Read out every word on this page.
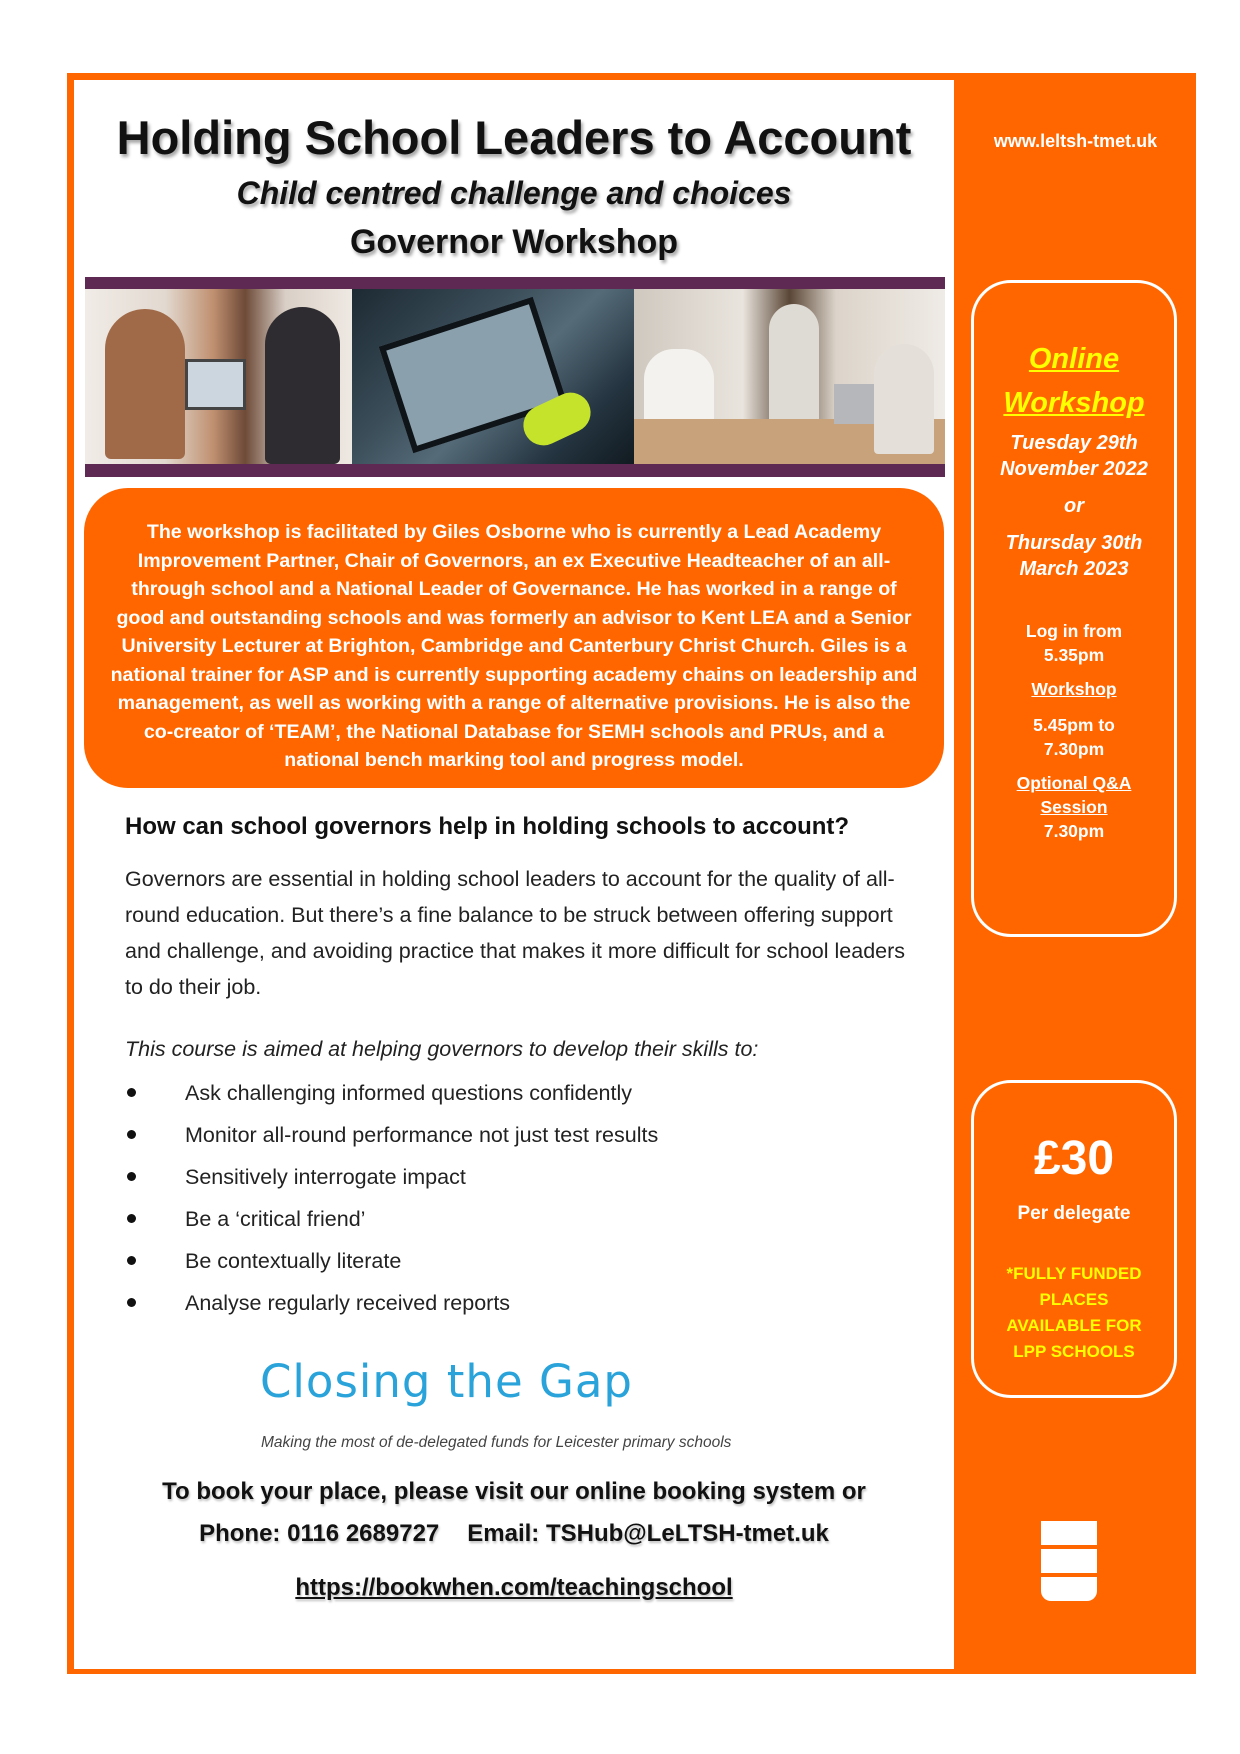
Holding School Leaders to Account
Child centred challenge and choices
Governor Workshop
The workshop is facilitated by Giles Osborne who is currently a Lead Academy Improvement Partner, Chair of Governors, an ex Executive Headteacher of an all-through school and a National Leader of Governance. He has worked in a range of good and outstanding schools and was formerly an advisor to Kent LEA and a Senior University Lecturer at Brighton, Cambridge and Canterbury Christ Church. Giles is a national trainer for ASP and is currently supporting academy chains on leadership and management, as well as working with a range of alternative provisions. He is also the co-creator of ‘TEAM’, the National Database for SEMH schools and PRUs, and a national bench marking tool and progress model.
How can school governors help in holding schools to account?

Governors are essential in holding school leaders to account for the quality of all-round education. But there’s a fine balance to be struck between offering support and challenge, and avoiding practice that makes it more difficult for school leaders to do their job.

This course is aimed at helping governors to develop their skills to:

Ask challenging informed questions confidently
Monitor all-round performance not just test results
Sensitively interrogate impact
Be a ‘critical friend’
Be contextually literate
Analyse regularly received reports

Closing the Gap

Making the most of de-delegated funds for Leicester primary schools

To book your place, please visit our online booking system or

Phone: 0116 2689727 Email: TSHub@LeLTSH-tmet.uk

https://bookwhen.com/teachingschool

www.leltsh-tmet.uk

Online
Workshop

Tuesday 29th

November 2022

or

Thursday 30th

March 2023

Log in from

5.35pm

Workshop

5.45pm to

7.30pm

Optional Q&A

Session

7.30pm

£30

Per delegate

*FULLY FUNDED
PLACES
AVAILABLE FOR
LPP SCHOOLS
